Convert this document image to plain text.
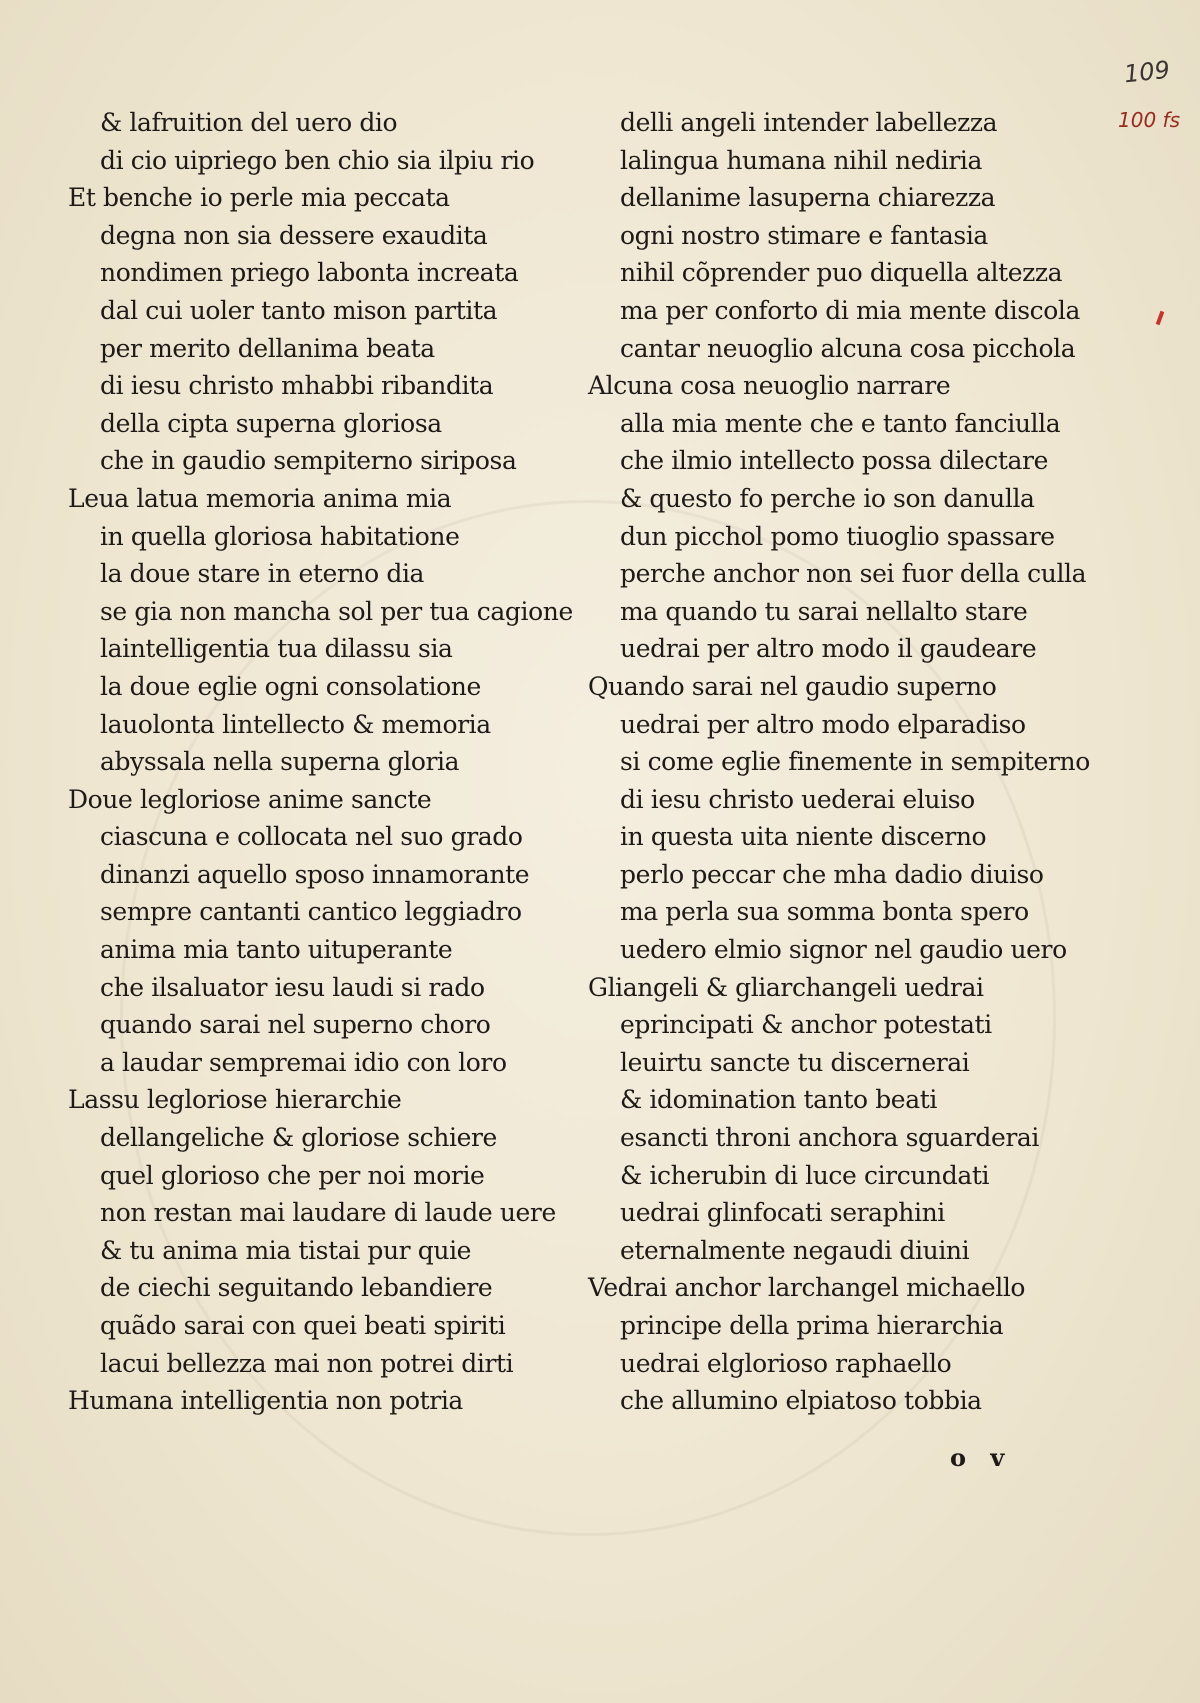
109
100 fs
& lafruition del uero dio
di cio uipriego ben chio sia ilpiu rio
Et benche io perle mia peccata
degna non sia dessere exaudita
nondimen priego labonta increata
dal cui uoler tanto mison partita
per merito dellanima beata
di iesu christo mhabbi ribandita
della cipta superna gloriosa
che in gaudio sempiterno siriposa
Leua latua memoria anima mia
in quella gloriosa habitatione
la doue stare in eterno dia
se gia non mancha sol per tua cagione
laintelligentia tua dilassu sia
la doue eglie ogni consolatione
lauolonta lintellecto & memoria
abyssala nella superna gloria
Doue legloriose anime sancte
ciascuna e collocata nel suo grado
dinanzi aquello sposo innamorante
sempre cantanti cantico leggiadro
anima mia tanto uituperante
che ilsaluator iesu laudi si rado
quando sarai nel superno choro
a laudar sempremai idio con loro
Lassu legloriose hierarchie
dellangeliche & gloriose schiere
quel glorioso che per noi morie
non restan mai laudare di laude uere
& tu anima mia tistai pur quie
de ciechi seguitando lebandiere
quãdo sarai con quei beati spiriti
lacui bellezza mai non potrei dirti
Humana intelligentia non potria
delli angeli intender labellezza
lalingua humana nihil nediria
dellanime lasuperna chiarezza
ogni nostro stimare e fantasia
nihil cõprender puo diquella altezza
ma per conforto di mia mente discola
cantar neuoglio alcuna cosa picchola
Alcuna cosa neuoglio narrare
alla mia mente che e tanto fanciulla
che ilmio intellecto possa dilectare
& questo fo perche io son danulla
dun picchol pomo tiuoglio spassare
perche anchor non sei fuor della culla
ma quando tu sarai nellalto stare
uedrai per altro modo il gaudeare
Quando sarai nel gaudio superno
uedrai per altro modo elparadiso
si come eglie finemente in sempiterno
di iesu christo uederai eluiso
in questa uita niente discerno
perlo peccar che mha dadio diuiso
ma perla sua somma bonta spero
uedero elmio signor nel gaudio uero
Gliangeli & gliarchangeli uedrai
eprincipati & anchor potestati
leuirtu sancte tu discernerai
& idomination tanto beati
esancti throni anchora sguarderai
& icherubin di luce circundati
uedrai glinfocati seraphini
eternalmente negaudi diuini
Vedrai anchor larchangel michaello
principe della prima hierarchia
uedrai elglorioso raphaello
che allumino elpiatoso tobbia
o v
